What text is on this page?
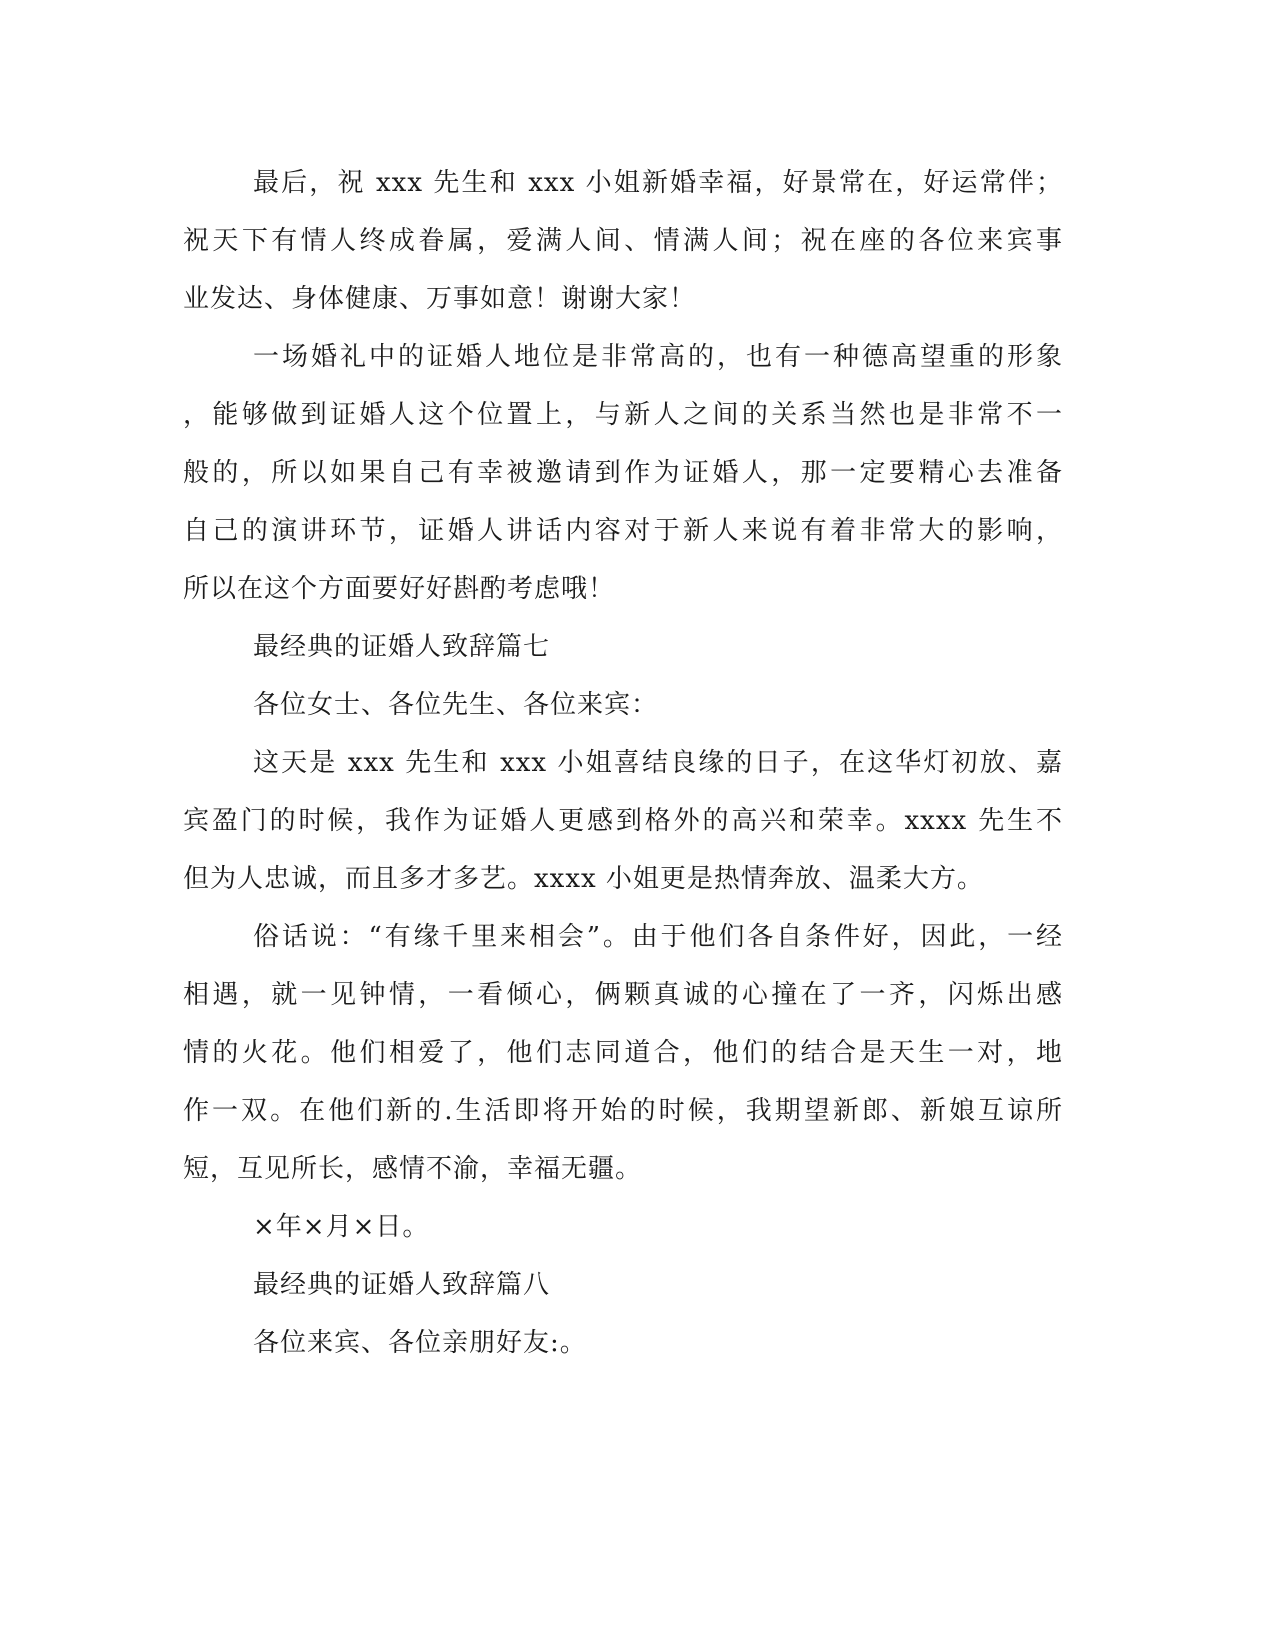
最后，祝 xxx 先生和 xxx 小姐新婚幸福，好景常在，好运常伴；
祝天下有情人终成眷属，爱满人间、情满人间；祝在座的各位来宾事
业发达、身体健康、万事如意！谢谢大家！
一场婚礼中的证婚人地位是非常高的，也有一种德高望重的形象
，能够做到证婚人这个位置上，与新人之间的关系当然也是非常不一
般的，所以如果自己有幸被邀请到作为证婚人，那一定要精心去准备
自己的演讲环节，证婚人讲话内容对于新人来说有着非常大的影响，
所以在这个方面要好好斟酌考虑哦！
最经典的证婚人致辞篇七
各位女士、各位先生、各位来宾：
这天是 xxx 先生和 xxx 小姐喜结良缘的日子，在这华灯初放、嘉
宾盈门的时候，我作为证婚人更感到格外的高兴和荣幸。xxxx 先生不
但为人忠诚，而且多才多艺。xxxx 小姐更是热情奔放、温柔大方。
俗话说：“有缘千里来相会”。由于他们各自条件好，因此，一经
相遇，就一见钟情，一看倾心，俩颗真诚的心撞在了一齐，闪烁出感
情的火花。他们相爱了，他们志同道合，他们的结合是天生一对，地
作一双。在他们新的.生活即将开始的时候，我期望新郎、新娘互谅所
短，互见所长，感情不渝，幸福无疆。
×年×月×日。
最经典的证婚人致辞篇八
各位来宾、各位亲朋好友:。
